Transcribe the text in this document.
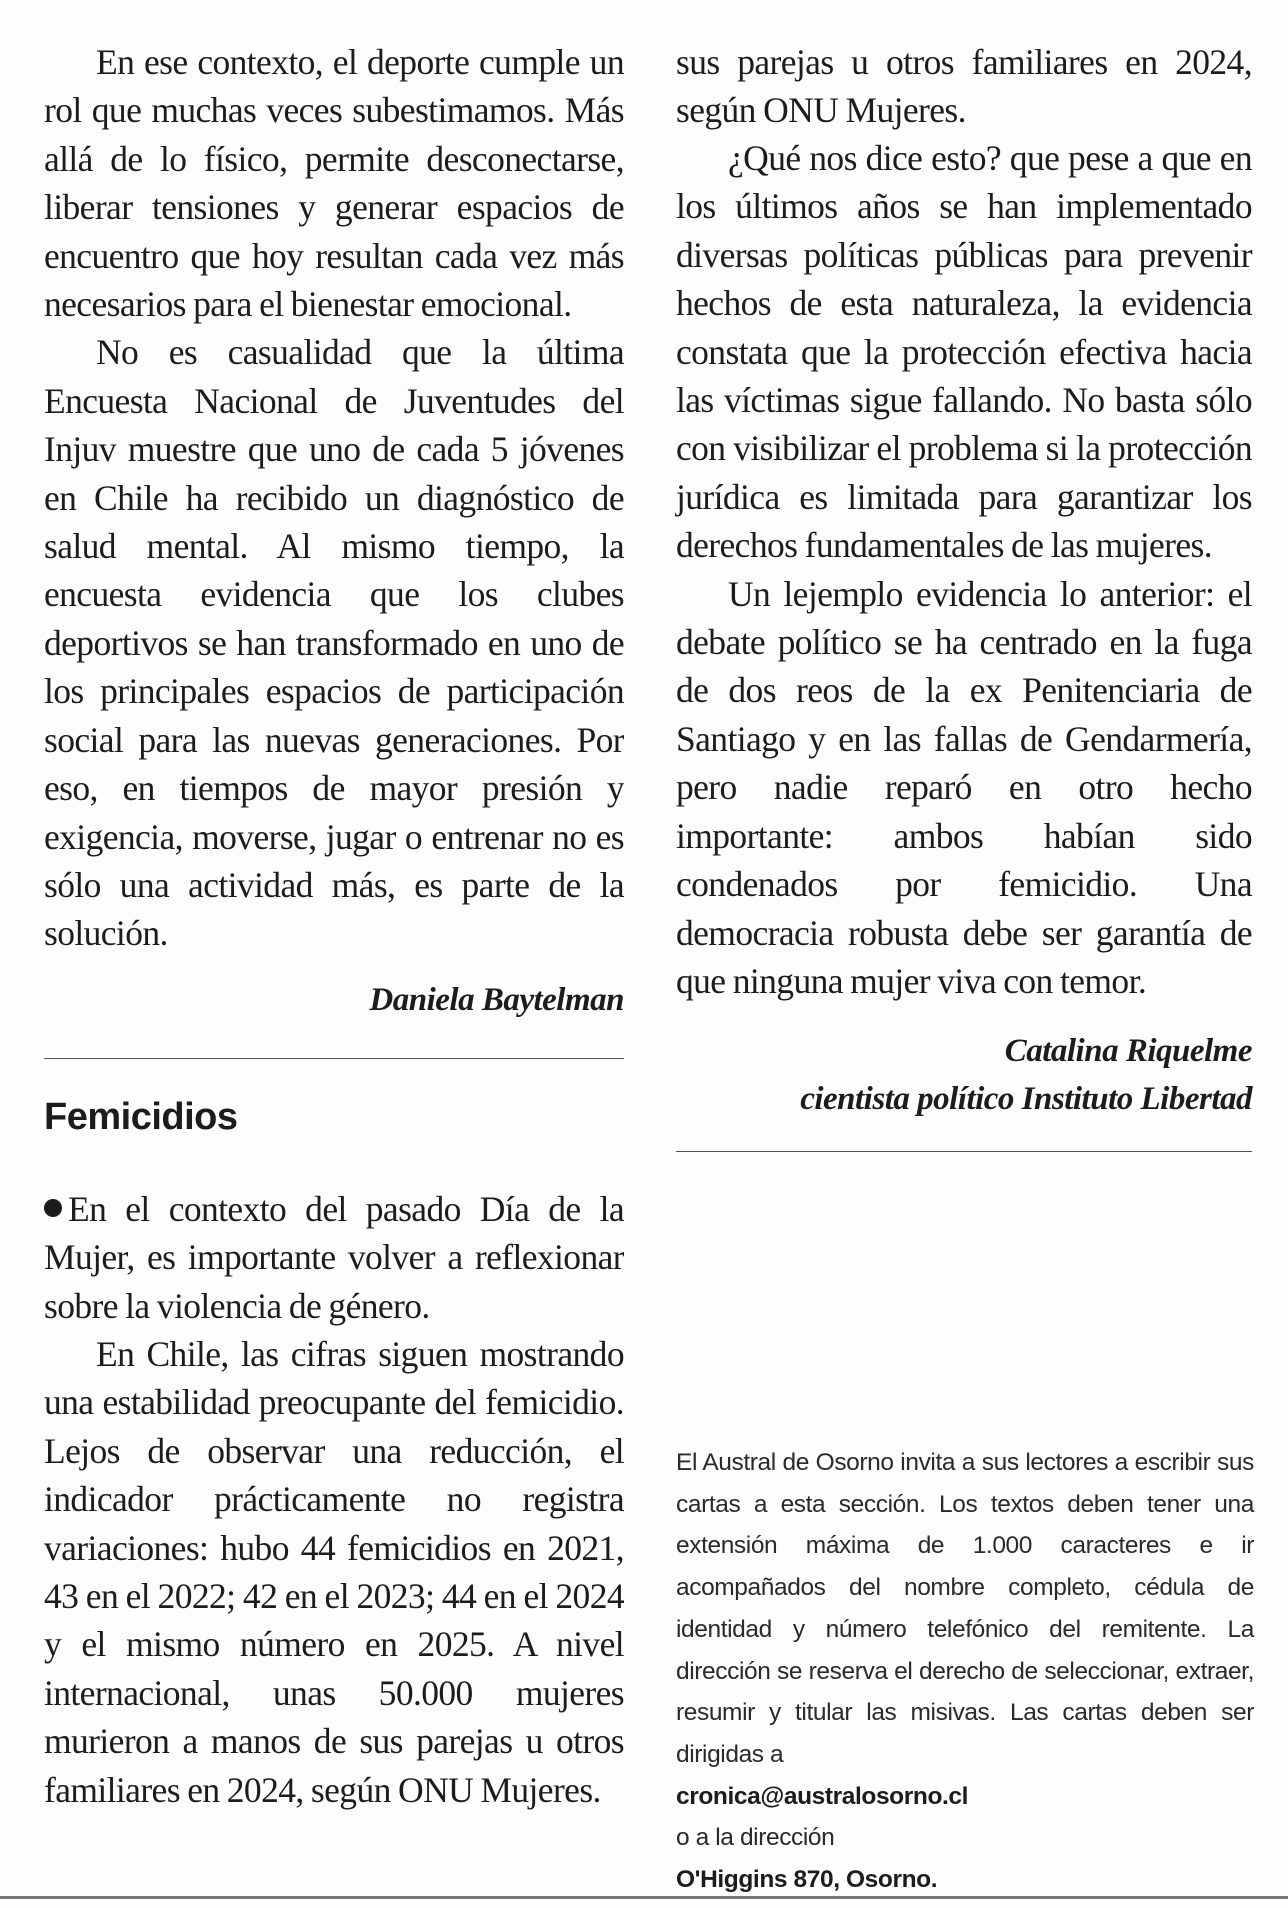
En ese contexto, el deporte cumple un rol que muchas veces subestimamos. Más allá de lo físico, permite desconectarse, liberar tensiones y generar espacios de encuentro que hoy resultan cada vez más necesarios para el bienestar emocional.

No es casualidad que la última Encuesta Nacional de Juventudes del Injuv muestre que uno de cada 5 jóvenes en Chile ha recibido un diagnóstico de salud mental. Al mismo tiempo, la encuesta evidencia que los clubes deportivos se han transformado en uno de los principales espacios de participación social para las nuevas generaciones. Por eso, en tiempos de mayor presión y exigencia, moverse, jugar o entrenar no es sólo una actividad más, es parte de la solución.

Daniela Baytelman
Femicidios

En el contexto del pasado Día de la Mujer, es importante volver a reflexionar sobre la violencia de género.

En Chile, las cifras siguen mostrando una estabilidad preocupante del femicidio. Lejos de observar una reducción, el indicador prácticamente no registra variaciones: hubo 44 femicidios en 2021, 43 en el 2022; 42 en el 2023; 44 en el 2024 y el mismo número en 2025. A nivel internacional, unas 50.000 mujeres murieron a manos de sus parejas u otros familiares en 2024, según ONU Mujeres.

sus parejas u otros familiares en 2024, según ONU Mujeres.

¿Qué nos dice esto? que pese a que en los últimos años se han implementado diversas políticas públicas para prevenir hechos de esta naturaleza, la evidencia constata que la protección efectiva hacia las víctimas sigue fallando. No basta sólo con visibilizar el problema si la protección jurídica es limitada para garantizar los derechos fundamentales de las mujeres.

Un lejemplo evidencia lo anterior: el debate político se ha centrado en la fuga de dos reos de la ex Penitenciaria de Santiago y en las fallas de Gendarmería, pero nadie reparó en otro hecho importante: ambos habían sido condenados por femicidio. Una democracia robusta debe ser garantía de que ninguna mujer viva con temor.

Catalina Riquelme
cientista político Instituto Libertad

El Austral de Osorno invita a sus lectores a escribir sus cartas a esta sección. Los textos deben tener una extensión máxima de 1.000 caracteres e ir acompañados del nombre completo, cédula de identidad y número telefónico del remitente. La dirección se reserva el derecho de seleccionar, extraer, resumir y titular las misivas. Las cartas deben ser dirigidas a

cronica@australosorno.cl

o a la dirección

O'Higgins 870, Osorno.
